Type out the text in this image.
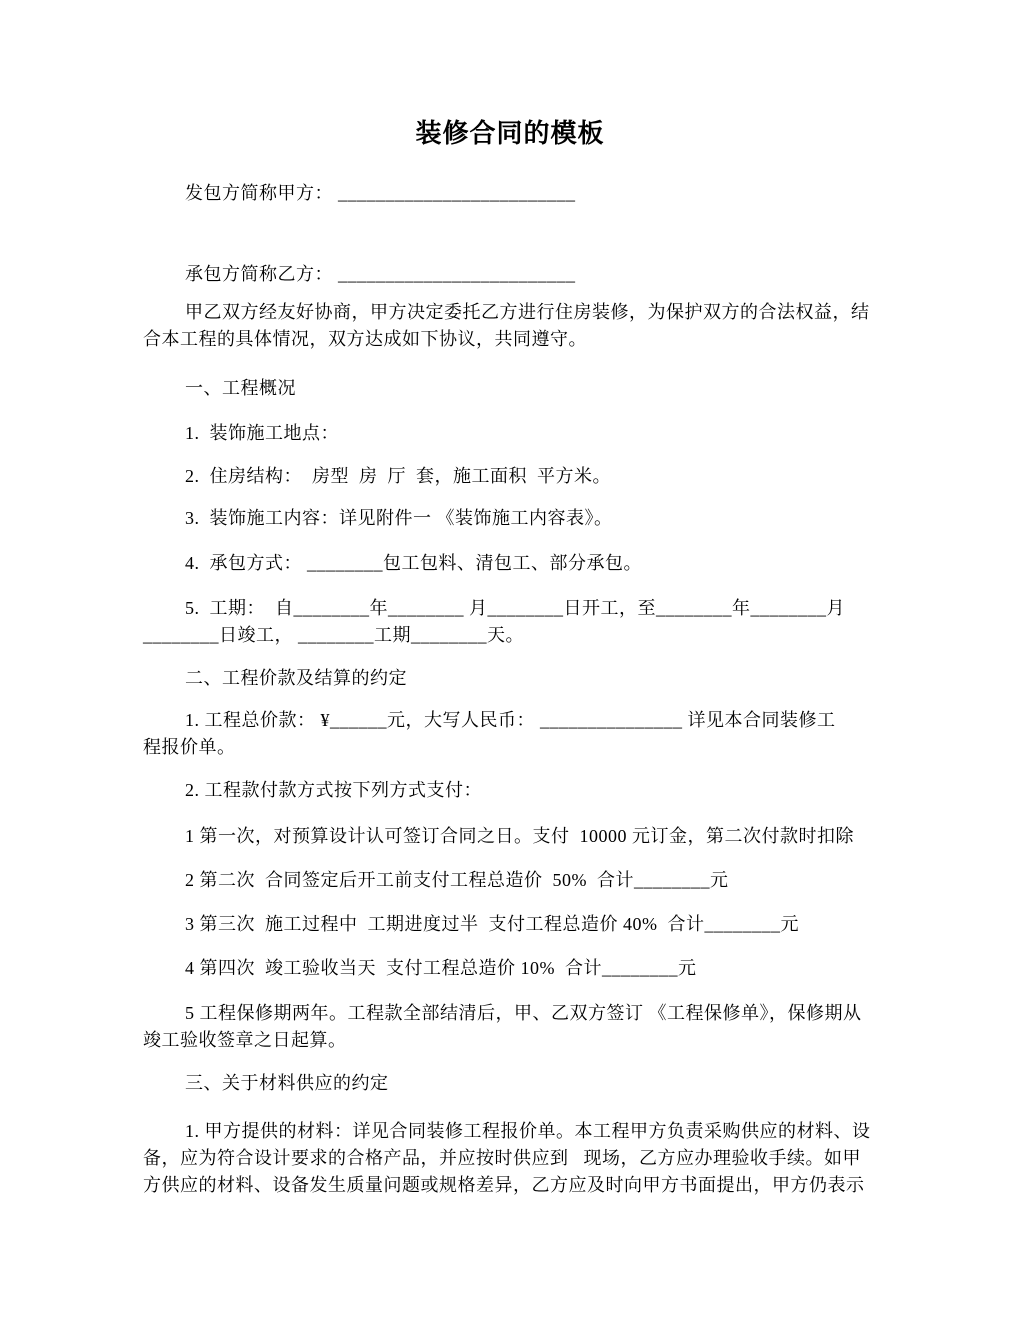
装修合同的模板
发包方简称甲方： _________________________
承包方简称乙方： _________________________
甲乙双方经友好协商，甲方决定委托乙方进行住房装修，为保护双方的合法权益，结
合本工程的具体情况，双方达成如下协议，共同遵守。
一、工程概况
1.  装饰施工地点：
2.  住房结构：  房型  房  厅  套，施工面积  平方米。
3.  装饰施工内容：详见附件一 《装饰施工内容表》。
4.  承包方式： ________包工包料、清包工、部分承包。
5.  工期：  自________年________ 月________日开工，至________年________月
________日竣工， ________工期________天。
二、工程价款及结算的约定
1. 工程总价款： ¥______元，大写人民币： _______________ 详见本合同装修工
程报价单。
2. 工程款付款方式按下列方式支付：
1 第一次，对预算设计认可签订合同之日。支付  10000 元订金，第二次付款时扣除
2 第二次  合同签定后开工前支付工程总造价  50%  合计________元
3 第三次  施工过程中  工期进度过半  支付工程总造价 40%  合计________元
4 第四次  竣工验收当天  支付工程总造价 10%  合计________元
5 工程保修期两年。工程款全部结清后，甲、乙双方签订 《工程保修单》，保修期从
竣工验收签章之日起算。
三、关于材料供应的约定
1. 甲方提供的材料：详见合同装修工程报价单。本工程甲方负责采购供应的材料、设
备，应为符合设计要求的合格产品，并应按时供应到   现场，乙方应办理验收手续。如甲
方供应的材料、设备发生质量问题或规格差异，乙方应及时向甲方书面提出，甲方仍表示
